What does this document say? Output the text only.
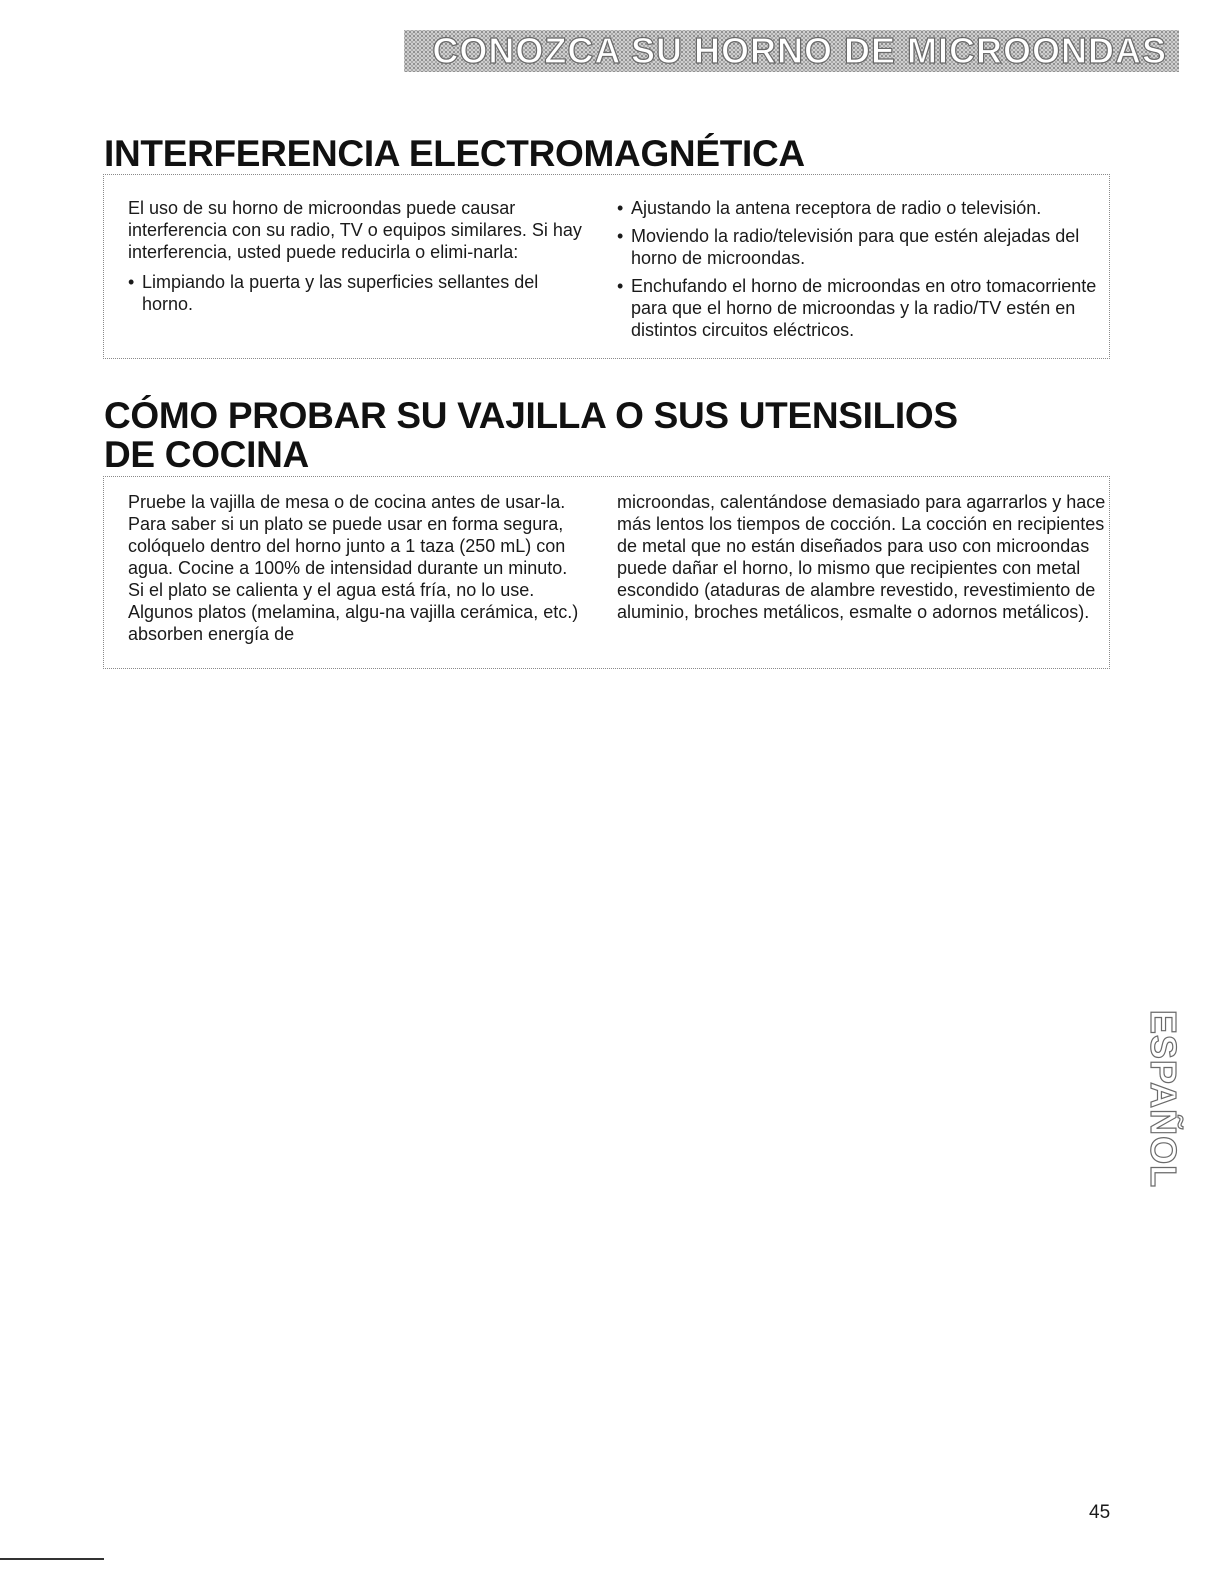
CONOZCA SU HORNO DE MICROONDAS
INTERFERENCIA ELECTROMAGNÉTICA

El uso de su horno de microondas puede causar interferencia con su radio, TV o equipos similares. Si hay interferencia, usted puede reducirla o elimi-narla:

• Limpiando la puerta y las superficies sellantes del horno.

• Ajustando la antena receptora de radio o televisión.

• Moviendo la radio/televisión para que estén alejadas del horno de microondas.

• Enchufando el horno de microondas en otro tomacorriente para que el horno de microondas y la radio/TV estén en distintos circuitos eléctricos.

CÓMO PROBAR SU VAJILLA O SUS UTENSILIOS
DE COCINA

Pruebe la vajilla de mesa o de cocina antes de usar-la. Para saber si un plato se puede usar en forma segura, colóquelo dentro del horno junto a 1 taza (250 mL) con agua. Cocine a 100% de intensidad durante un minuto. Si el plato se calienta y el agua está fría, no lo use. Algunos platos (melamina, algu-na vajilla cerámica, etc.) absorben energía de

microondas, calentándose demasiado para agarrarlos y hace más lentos los tiempos de cocción. La cocción en recipientes de metal que no están diseñados para uso con microondas puede dañar el horno, lo mismo que recipientes con metal escondido (ataduras de alambre revestido, revestimiento de aluminio, broches metálicos, esmalte o adornos metálicos).

ESPAÑOL
45
